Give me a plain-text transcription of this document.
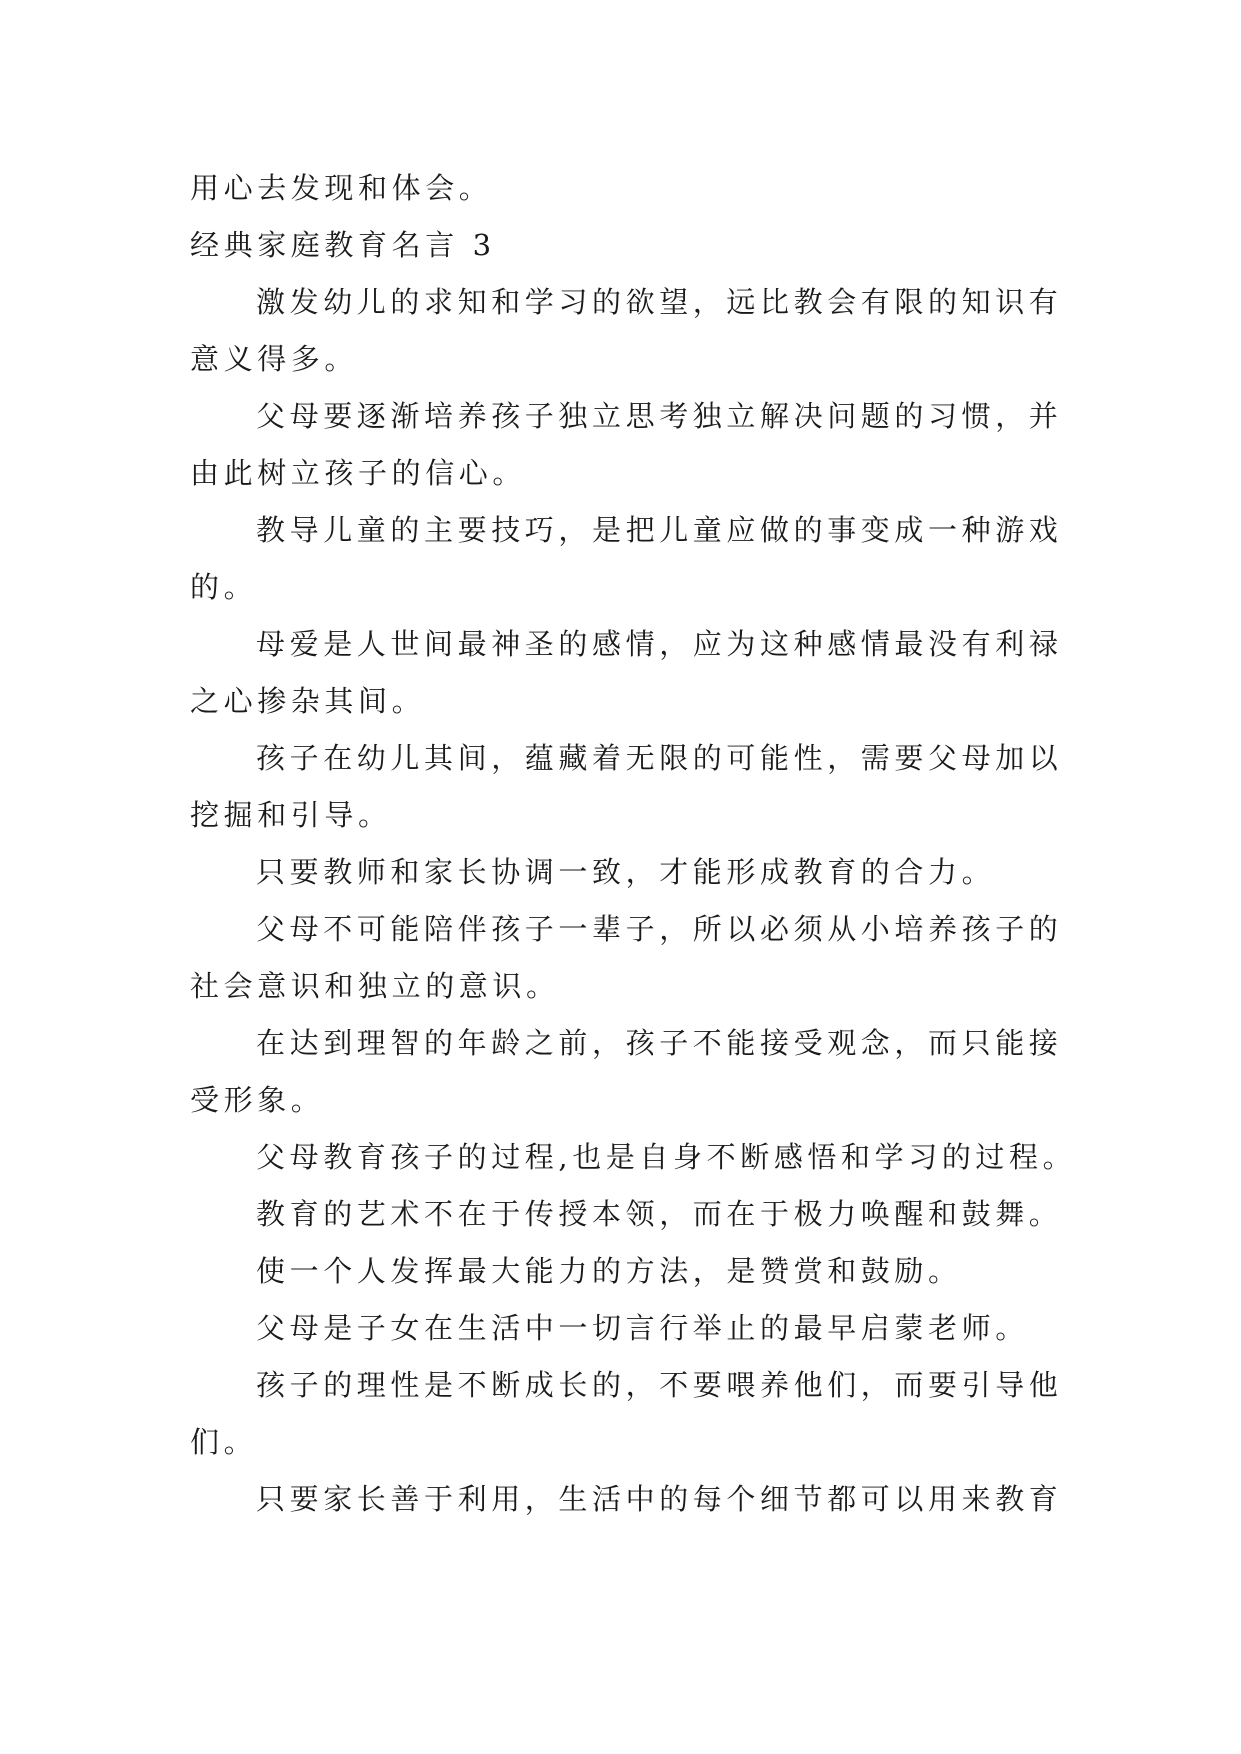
用心去发现和体会。
经典家庭教育名言 3
激发幼儿的求知和学习的欲望，远比教会有限的知识有
意义得多。
父母要逐渐培养孩子独立思考独立解决问题的习惯，并
由此树立孩子的信心。
教导儿童的主要技巧，是把儿童应做的事变成一种游戏
的。
母爱是人世间最神圣的感情，应为这种感情最没有利禄
之心掺杂其间。
孩子在幼儿其间，蕴藏着无限的可能性，需要父母加以
挖掘和引导。
只要教师和家长协调一致，才能形成教育的合力。
父母不可能陪伴孩子一辈子，所以必须从小培养孩子的
社会意识和独立的意识。
在达到理智的年龄之前，孩子不能接受观念，而只能接
受形象。
父母教育孩子的过程,也是自身不断感悟和学习的过程。
教育的艺术不在于传授本领，而在于极力唤醒和鼓舞。
使一个人发挥最大能力的方法，是赞赏和鼓励。
父母是子女在生活中一切言行举止的最早启蒙老师。
孩子的理性是不断成长的，不要喂养他们，而要引导他
们。
只要家长善于利用，生活中的每个细节都可以用来教育
